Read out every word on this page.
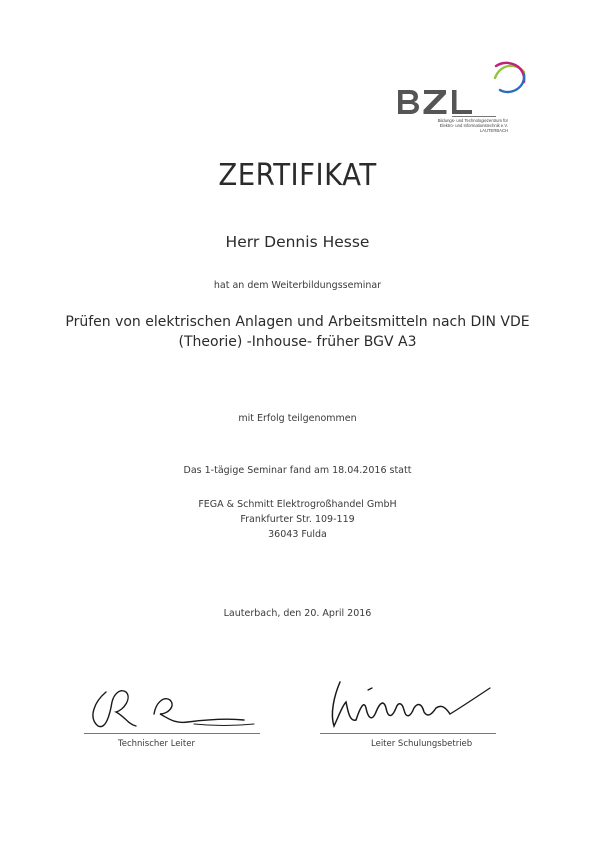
Bildungs- und Technologiezentrum für
Elektro- und Informationstechnik e.V.
LAUTERBACH
ZERTIFIKAT
Herr Dennis Hesse
hat an dem Weiterbildungsseminar
Prüfen von elektrischen Anlagen und Arbeitsmitteln nach DIN VDE
(Theorie) -Inhouse- früher BGV A3
mit Erfolg teilgenommen
Das 1-tägige Seminar fand am 18.04.2016 statt
FEGA & Schmitt Elektrogroßhandel GmbH
Frankfurter Str. 109-119
36043 Fulda
Lauterbach, den 20. April 2016
Technischer Leiter	Leiter Schulungsbetrieb
